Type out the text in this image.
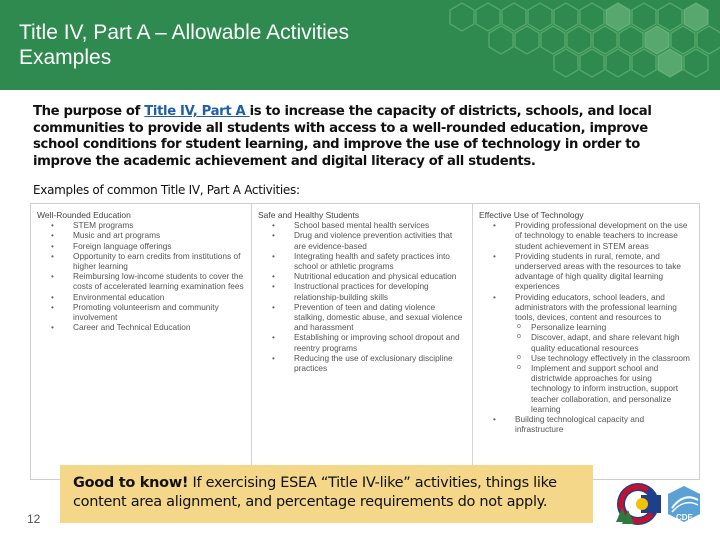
Title IV, Part A – Allowable Activities
Examples
The purpose of Title IV, Part A is to increase the capacity of districts, schools, and local communities to provide all students with access to a well-rounded education, improve school conditions for student learning, and improve the use of technology in order to improve the academic achievement and digital literacy of all students.
Examples of common Title IV, Part A Activities:
Well-Rounded Education
• STEM programs
• Music and art programs
• Foreign language offerings
• Opportunity to earn credits from institutions of higher learning
• Reimbursing low-income students to cover the costs of accelerated learning examination fees
• Environmental education
• Promoting volunteerism and community involvement
• Career and Technical Education
Safe and Healthy Students
• School based mental health services
• Drug and violence prevention activities that are evidence-based
• Integrating health and safety practices into school or athletic programs
• Nutritional education and physical education
• Instructional practices for developing relationship-building skills
• Prevention of teen and dating violence stalking, domestic abuse, and sexual violence and harassment
• Establishing or improving school dropout and reentry programs
• Reducing the use of exclusionary discipline practices
Effective Use of Technology
• Providing professional development on the use of technology to enable teachers to increase student achievement in STEM areas
• Providing students in rural, remote, and underserved areas with the resources to take advantage of high quality digital learning experiences
• Providing educators, school leaders, and administrators with the professional learning tools, devices, content and resources to
o Personalize learning
o Discover, adapt, and share relevant high quality educational resources
o Use technology effectively in the classroom
o Implement and support school and districtwide approaches for using technology to inform instruction, support teacher collaboration, and personalize learning
• Building technological capacity and infrastructure
Good to know! If exercising ESEA “Title IV-like” activities, things like content area alignment, and percentage requirements do not apply.
12	CDE
